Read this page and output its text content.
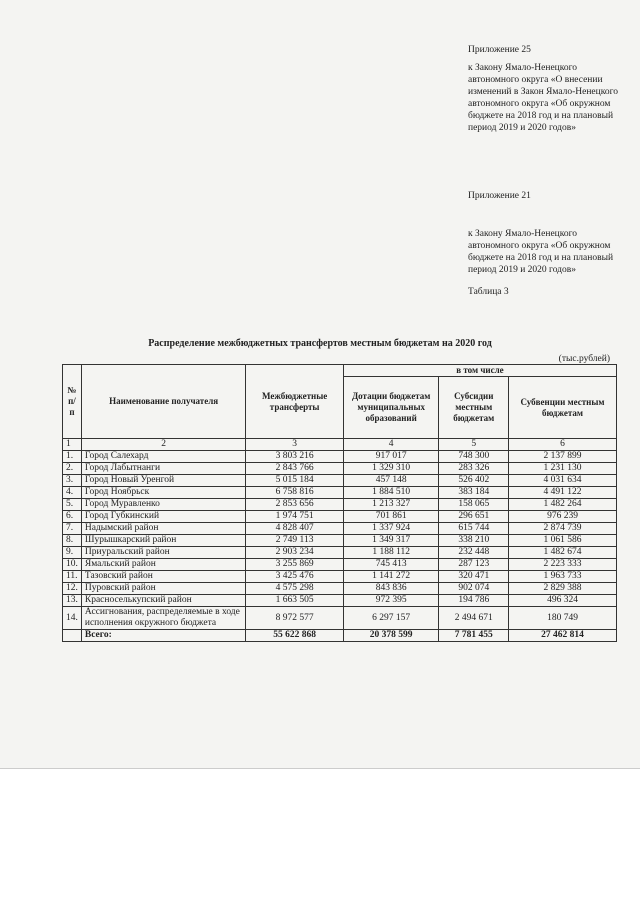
Приложение 25
к Закону Ямало-Ненецкого автономного округа «О внесении изменений в Закон Ямало-Ненецкого автономного округа «Об окружном бюджете на 2018 год и на плановый период 2019 и 2020 годов»
Приложение 21
к Закону Ямало-Ненецкого автономного округа «Об окружном бюджете на 2018 год и на плановый период 2019 и 2020 годов»
Таблица 3
Распределение межбюджетных трансфертов местным бюджетам на 2020 год
(тыс.рублей)
№ п/п	Наименование получателя	Межбюджетные трансферты	в том числе		
			Дотации бюджетам муниципальных образований	Субсидии местным бюджетам	Субвенции местным бюджетам
1	2	3	4	5	6
1.	Город Салехард	3 803 216	917 017	748 300	2 137 899
2.	Город Лабытнанги	2 843 766	1 329 310	283 326	1 231 130
3.	Город Новый Уренгой	5 015 184	457 148	526 402	4 031 634
4.	Город Ноябрьск	6 758 816	1 884 510	383 184	4 491 122
5.	Город Муравленко	2 853 656	1 213 327	158 065	1 482 264
6.	Город Губкинский	1 974 751	701 861	296 651	976 239
7.	Надымский район	4 828 407	1 337 924	615 744	2 874 739
8.	Шурышкарский район	2 749 113	1 349 317	338 210	1 061 586
9.	Приуральский район	2 903 234	1 188 112	232 448	1 482 674
10.	Ямальский район	3 255 869	745 413	287 123	2 223 333
11.	Тазовский район	3 425 476	1 141 272	320 471	1 963 733
12.	Пуровский район	4 575 298	843 836	902 074	2 829 388
13.	Красноселькупский район	1 663 505	972 395	194 786	496 324
14.	Ассигнования, распределяемые в ходе исполнения окружного бюджета	8 972 577	6 297 157	2 494 671	180 749
	Всего:	55 622 868	20 378 599	7 781 455	27 462 814
